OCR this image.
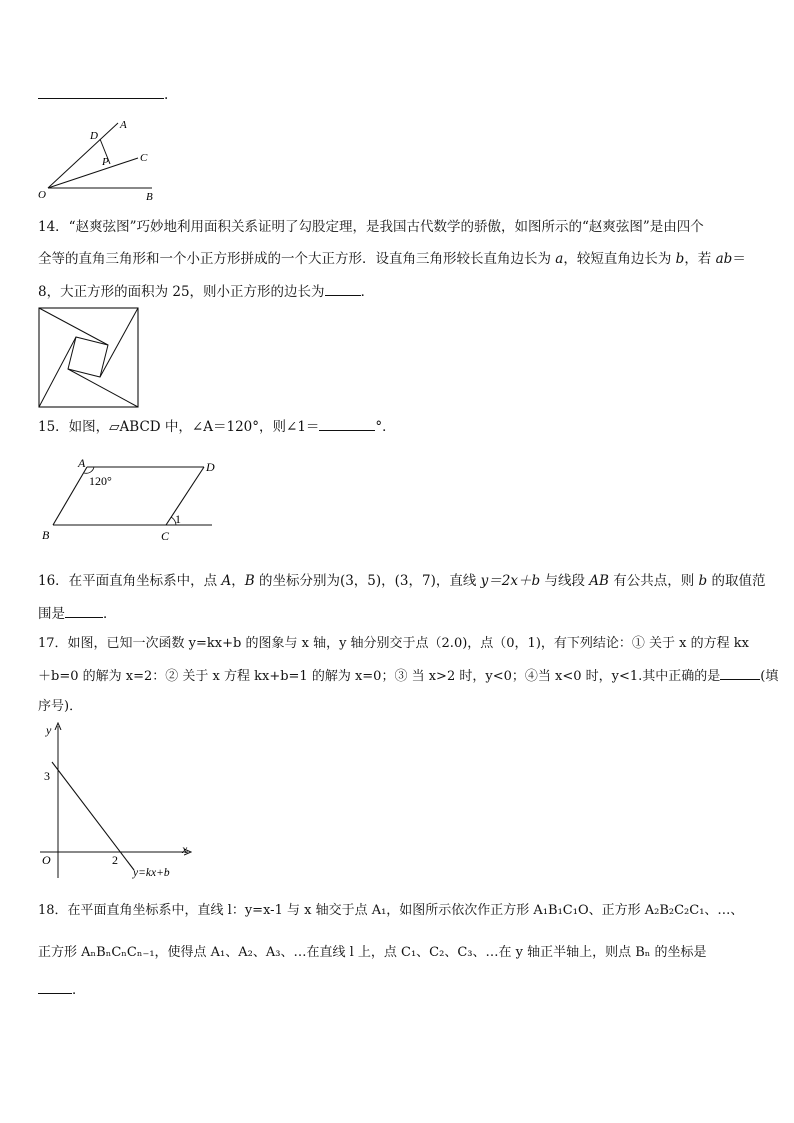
.
A
D
P	C
O	B
14．“赵爽弦图”巧妙地利用面积关系证明了勾股定理，是我国古代数学的骄傲，如图所示的“赵爽弦图”是由四个
全等的直角三角形和一个小正方形拼成的一个大正方形．设直角三角形较长直角边长为 a，较短直角边长为 b，若 ab＝
8，大正方形的面积为 25，则小正方形的边长为	．
15．如图，▱ABCD 中，∠A＝120°，则∠1＝	°．
A	D
B	C
120°
1
16．在平面直角坐标系中，点 A，B 的坐标分别为(3，5)，(3，7)，直线 y＝2x＋b 与线段 AB 有公共点，则 b 的取值范
围是	．
17．如图，已知一次函数 y=kx+b 的图象与 x 轴，y 轴分别交于点（2.0)，点（0，1)，有下列结论：① 关于 x 的方程 kx
＋b=0 的解为 x=2：② 关于 x 方程 kx+b=1 的解为 x=0；③ 当 x>2 时，y<0；④当 x<0 时，y<1.其中正确的是	(填
序号)．
y
x
3
2
O
y=kx+b
18．在平面直角坐标系中，直线 l：y=x-1 与 x 轴交于点 A₁，如图所示依次作正方形 A₁B₁C₁O、正方形 A₂B₂C₂C₁、…、
正方形 AₙBₙCₙCₙ₋₁，使得点 A₁、A₂、A₃、…在直线 l 上，点 C₁、C₂、C₃、…在 y 轴正半轴上，则点 Bₙ 的坐标是
．
